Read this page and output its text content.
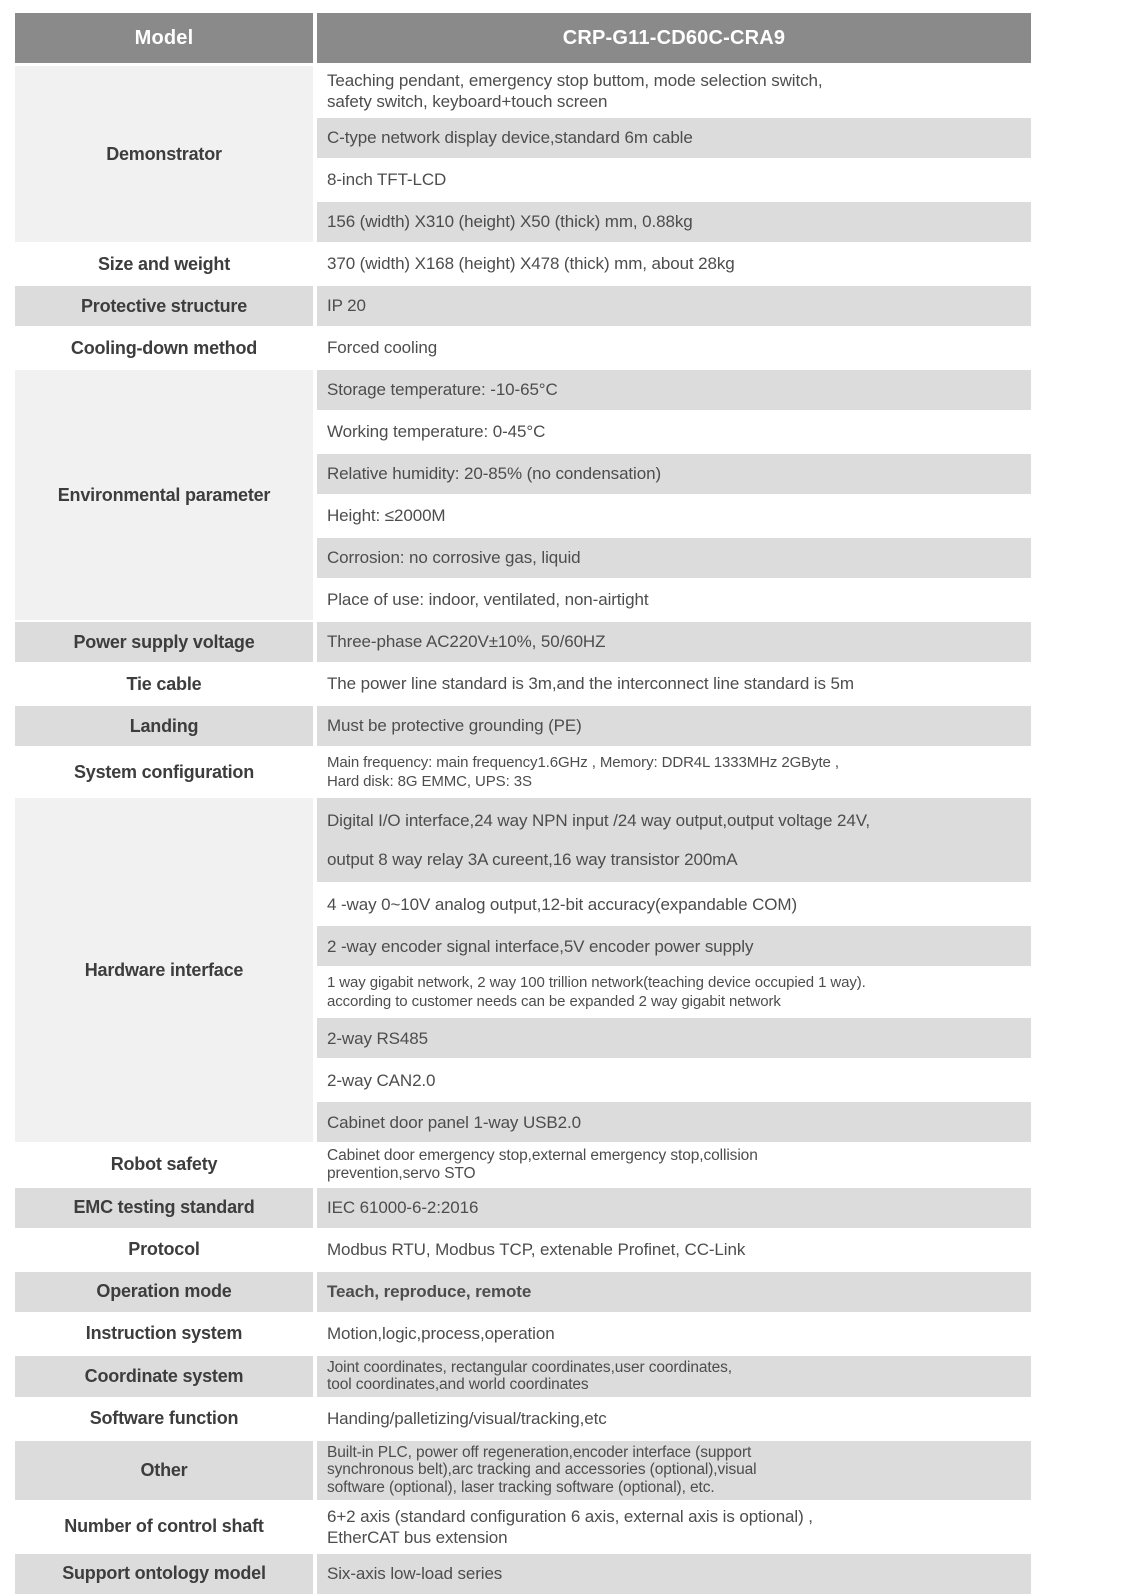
Model	CRP-G11-CD60C-CRA9
Demonstrator	Teaching pendant, emergency stop buttom, mode selection switch,
safety switch, keyboard+touch screen
	C-type network display device,standard 6m cable
	8-inch TFT-LCD
	156 (width) X310 (height) X50 (thick) mm, 0.88kg
Size and weight	370 (width) X168 (height) X478 (thick) mm, about 28kg
Protective structure	IP 20
Cooling-down method	Forced cooling
Environmental parameter	Storage temperature: -10-65°C
	Working temperature: 0-45°C
	Relative humidity: 20-85% (no condensation)
	Height: ≤2000M
	Corrosion: no corrosive gas, liquid
	Place of use: indoor, ventilated, non-airtight
Power supply voltage	Three-phase AC220V±10%, 50/60HZ
Tie cable	The power line standard is 3m,and the interconnect line standard is 5m
Landing	Must be protective grounding (PE)
System configuration	Main frequency: main frequency1.6GHz , Memory: DDR4L 1333MHz 2GByte ,
Hard disk: 8G EMMC, UPS: 3S
Hardware interface	Digital I/O interface,24 way NPN input /24 way output,output voltage 24V,
output 8 way relay 3A cureent,16 way transistor 200mA
	4 -way 0~10V analog output,12-bit accuracy(expandable COM)
	2 -way encoder signal interface,5V encoder power supply
	1 way gigabit network, 2 way 100 trillion network(teaching device occupied 1 way).
according to customer needs can be expanded 2 way gigabit network
	2-way RS485
	2-way CAN2.0
	Cabinet door panel 1-way USB2.0
Robot safety	Cabinet door emergency stop,external emergency stop,collision
prevention,servo STO
EMC testing standard	IEC 61000-6-2:2016
Protocol	Modbus RTU, Modbus TCP, extenable Profinet, CC-Link
Operation mode	Teach, reproduce, remote
Instruction system	Motion,logic,process,operation
Coordinate system	Joint coordinates, rectangular coordinates,user coordinates,
tool coordinates,and world coordinates
Software function	Handing/palletizing/visual/tracking,etc
Other	Built-in PLC, power off regeneration,encoder interface (support
synchronous belt),arc tracking and accessories (optional),visual
software (optional), laser tracking software (optional), etc.
Number of control shaft	6+2 axis (standard configuration 6 axis, external axis is optional) ,
EtherCAT bus extension
Support ontology model	Six-axis low-load series
